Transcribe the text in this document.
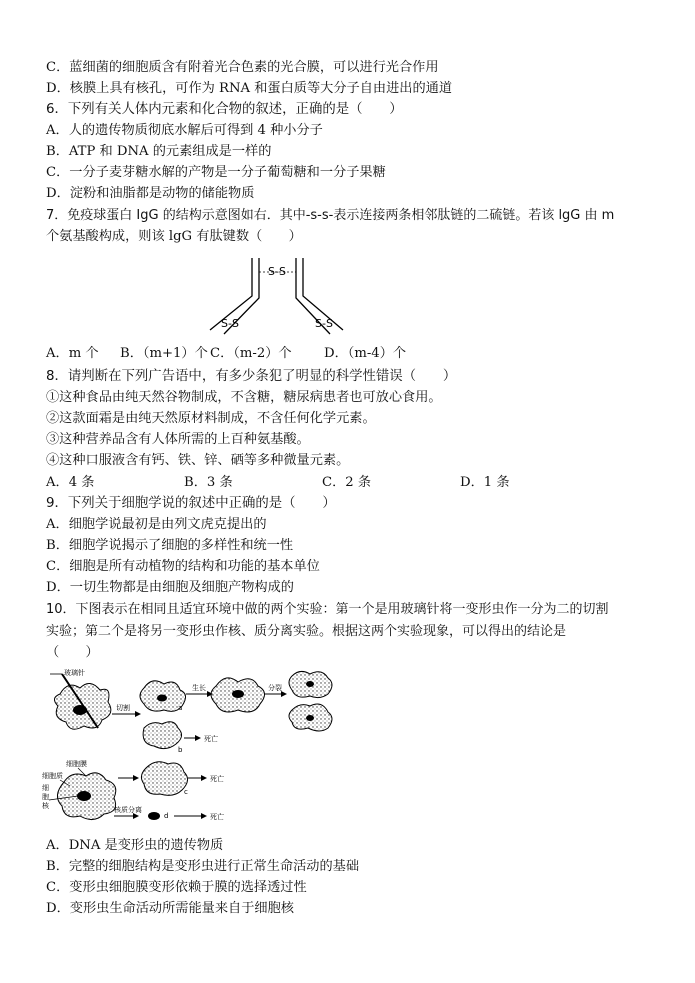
C．蓝细菌的细胞质含有附着光合色素的光合膜，可以进行光合作用
D．核膜上具有核孔，可作为 RNA 和蛋白质等大分子自由进出的通道
6．下列有关人体内元素和化合物的叙述，正确的是（　　）
A．人的遗传物质彻底水解后可得到 4 种小分子
B．ATP 和 DNA 的元素组成是一样的
C．一分子麦芽糖水解的产物是一分子葡萄糖和一分子果糖
D．淀粉和油脂都是动物的储能物质
7．免疫球蛋白 IgG 的结构示意图如右．其中-s-s-表示连接两条相邻肽链的二硫链。若该 lgG 由 m
个氨基酸构成，则该 lgG 有肽键数（　　）
S-S
S-S	S-S
A．m 个 B．（m+1）个 C．（m-2）个 D．（m-4）个
8．请判断在下列广告语中，有多少条犯了明显的科学性错误（　　）
①这种食品由纯天然谷物制成，不含糖，糖尿病患者也可放心食用。
②这款面霜是由纯天然原材料制成，不含任何化学元素。
③这种营养品含有人体所需的上百种氨基酸。
④这种口服液含有钙、铁、锌、硒等多种微量元素。
A．4 条	B．3 条	C．2 条	D．1 条
9．下列关于细胞学说的叙述中正确的是（　　）
A．细胞学说最初是由列文虎克提出的
B．细胞学说揭示了细胞的多样性和统一性
C．细胞是所有动植物的结构和功能的基本单位
D．一切生物都是由细胞及细胞产物构成的
10．下图表示在相同且适宜环境中做的两个实验：第一个是用玻璃针将一变形虫作一分为二的切割
实验；第二个是将另一变形虫作核、质分离实验。根据这两个实验现象，可以得出的结论是
（　　）
玻璃针
切割	a
b
生长
死亡
分裂
细胞膜
细胞质
细胞核	核质分离
c
死亡
d	死亡
A．DNA 是变形虫的遗传物质
B．完整的细胞结构是变形虫进行正常生命活动的基础
C．变形虫细胞膜变形依赖于膜的选择透过性
D．变形虫生命活动所需能量来自于细胞核
